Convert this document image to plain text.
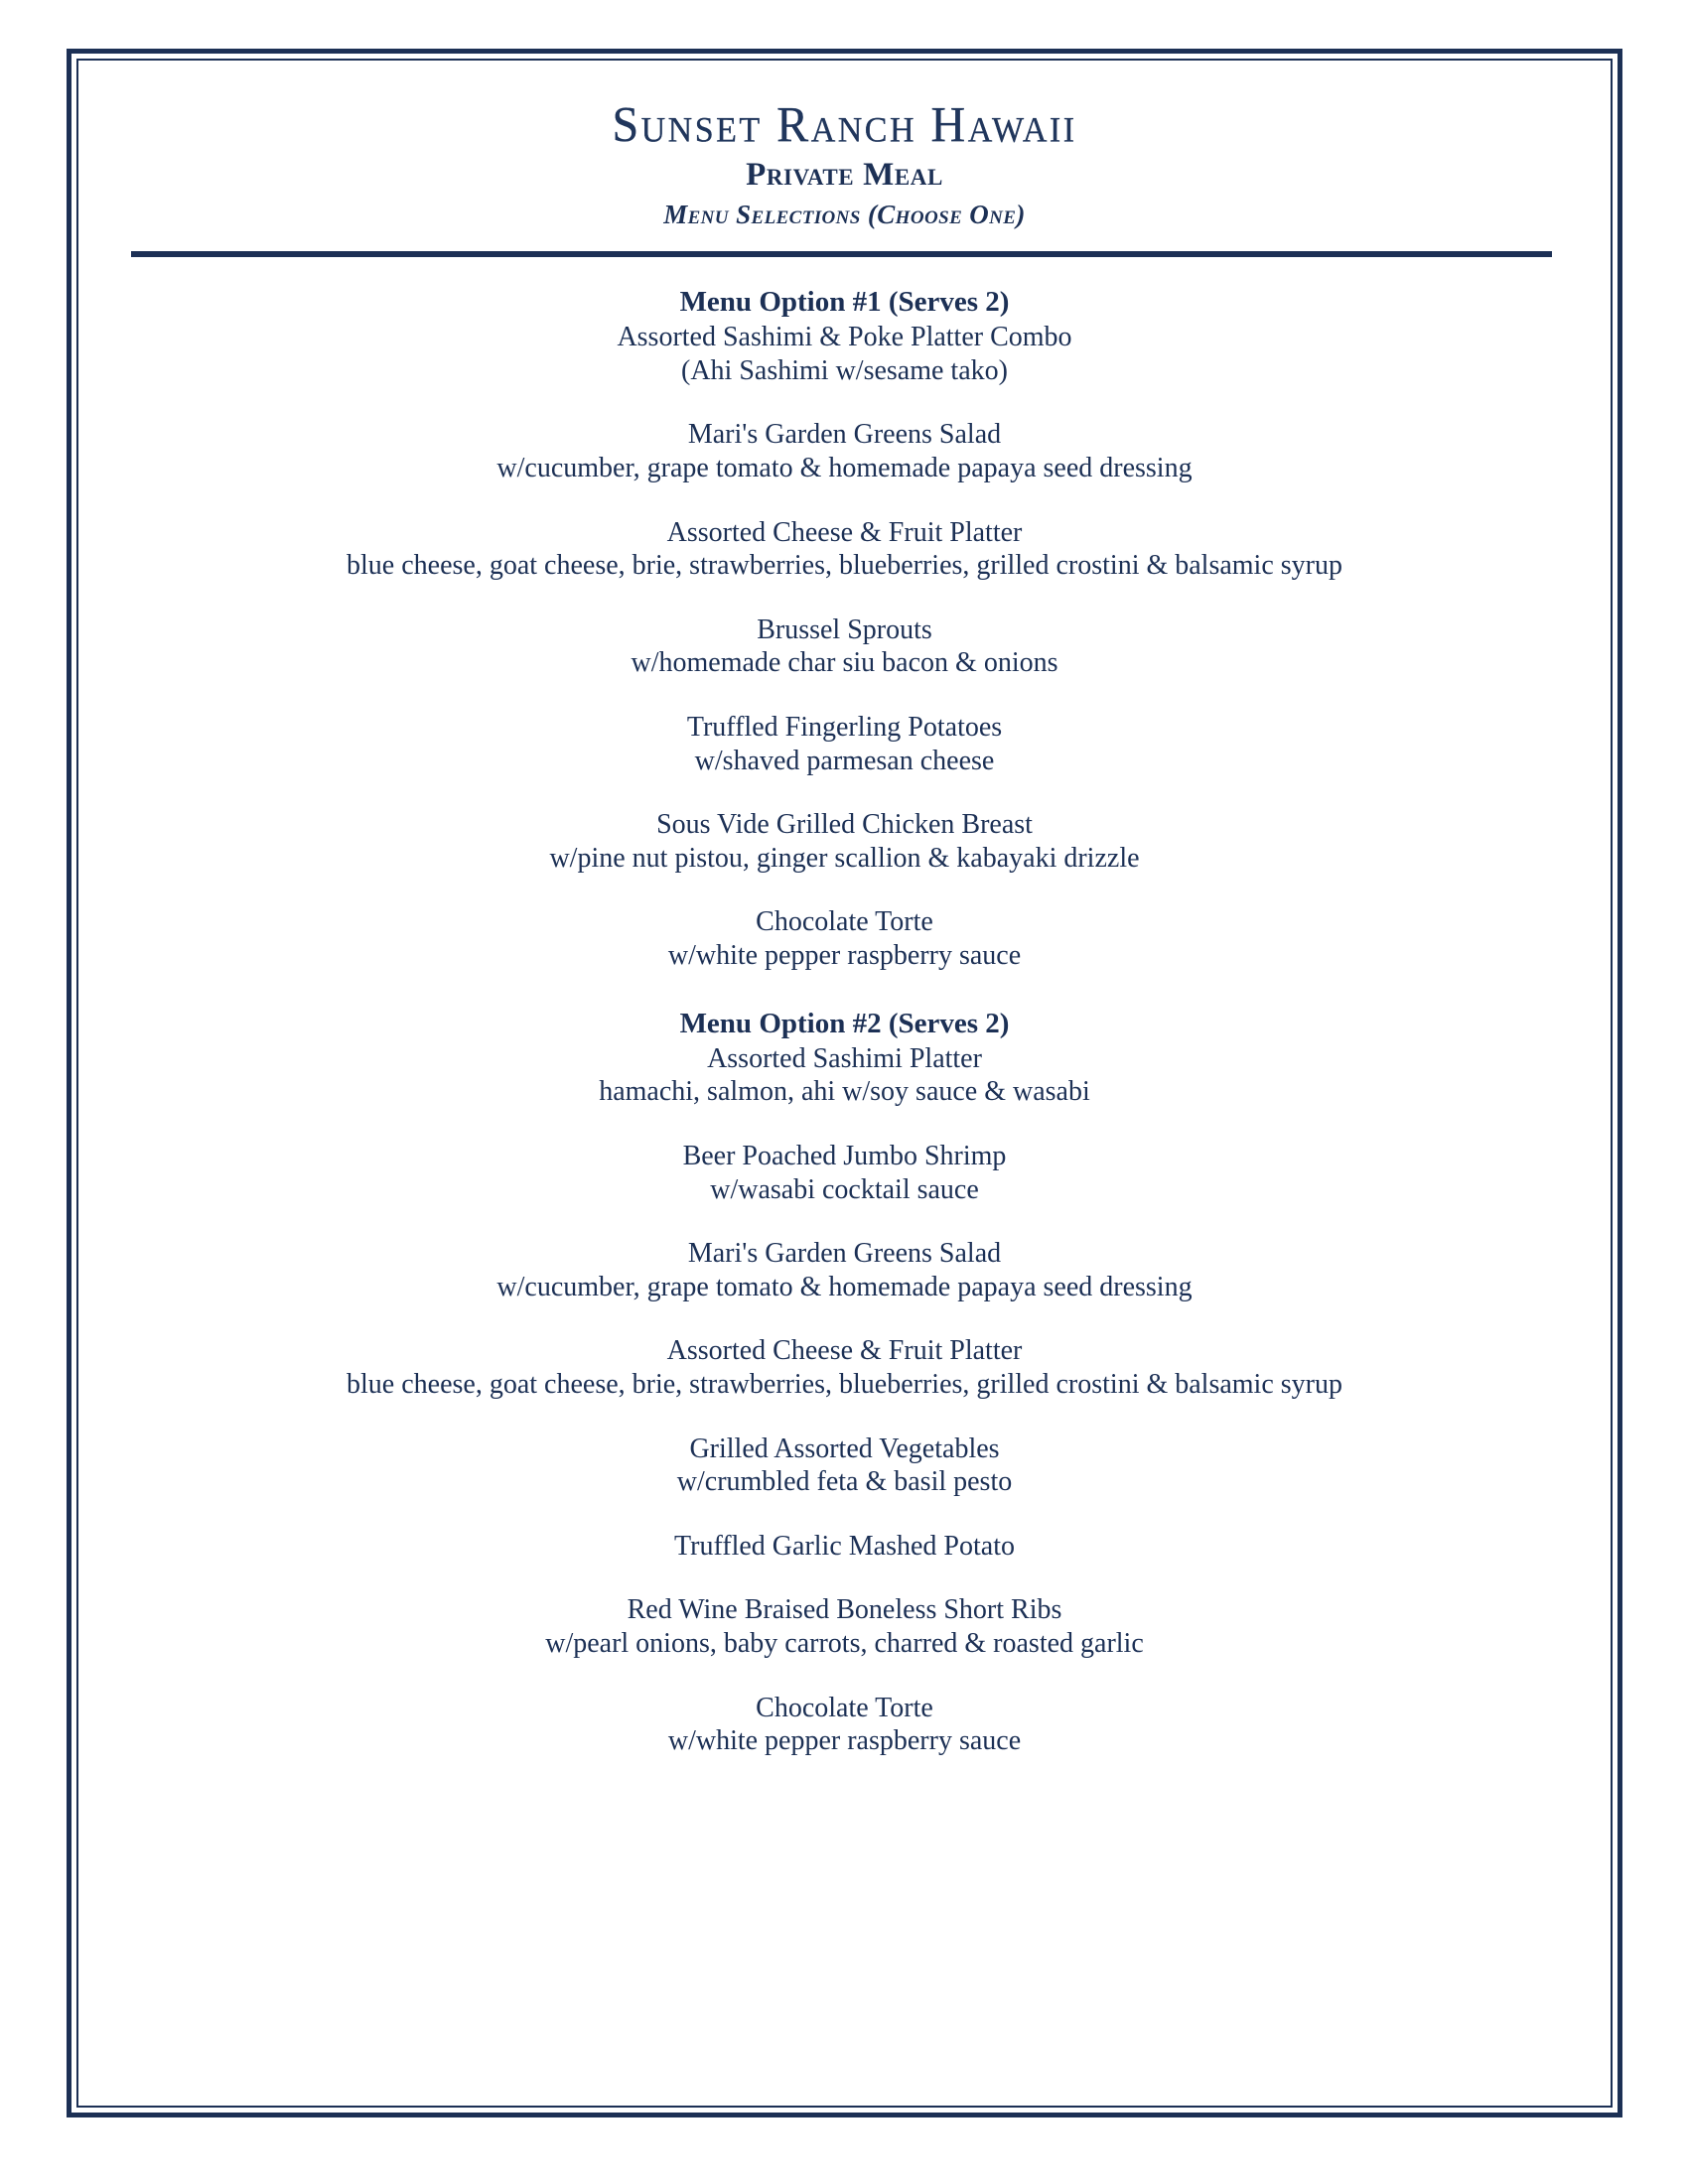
Sunset Ranch Hawaii
Private Meal
Menu Selections (Choose One)
Menu Option #1 (Serves 2)
Assorted Sashimi & Poke Platter Combo
(Ahi Sashimi w/sesame tako)
Mari's Garden Greens Salad
w/cucumber, grape tomato & homemade papaya seed dressing
Assorted Cheese & Fruit Platter
blue cheese, goat cheese, brie, strawberries, blueberries, grilled crostini & balsamic syrup
Brussel Sprouts
w/homemade char siu bacon & onions
Truffled Fingerling Potatoes
w/shaved parmesan cheese
Sous Vide Grilled Chicken Breast
w/pine nut pistou, ginger scallion & kabayaki drizzle
Chocolate Torte
w/white pepper raspberry sauce
Menu Option #2 (Serves 2)
Assorted Sashimi Platter
hamachi, salmon, ahi w/soy sauce & wasabi
Beer Poached Jumbo Shrimp
w/wasabi cocktail sauce
Mari's Garden Greens Salad
w/cucumber, grape tomato & homemade papaya seed dressing
Assorted Cheese & Fruit Platter
blue cheese, goat cheese, brie, strawberries, blueberries, grilled crostini & balsamic syrup
Grilled Assorted Vegetables
w/crumbled feta & basil pesto
Truffled Garlic Mashed Potato
Red Wine Braised Boneless Short Ribs
w/pearl onions, baby carrots, charred & roasted garlic
Chocolate Torte
w/white pepper raspberry sauce
